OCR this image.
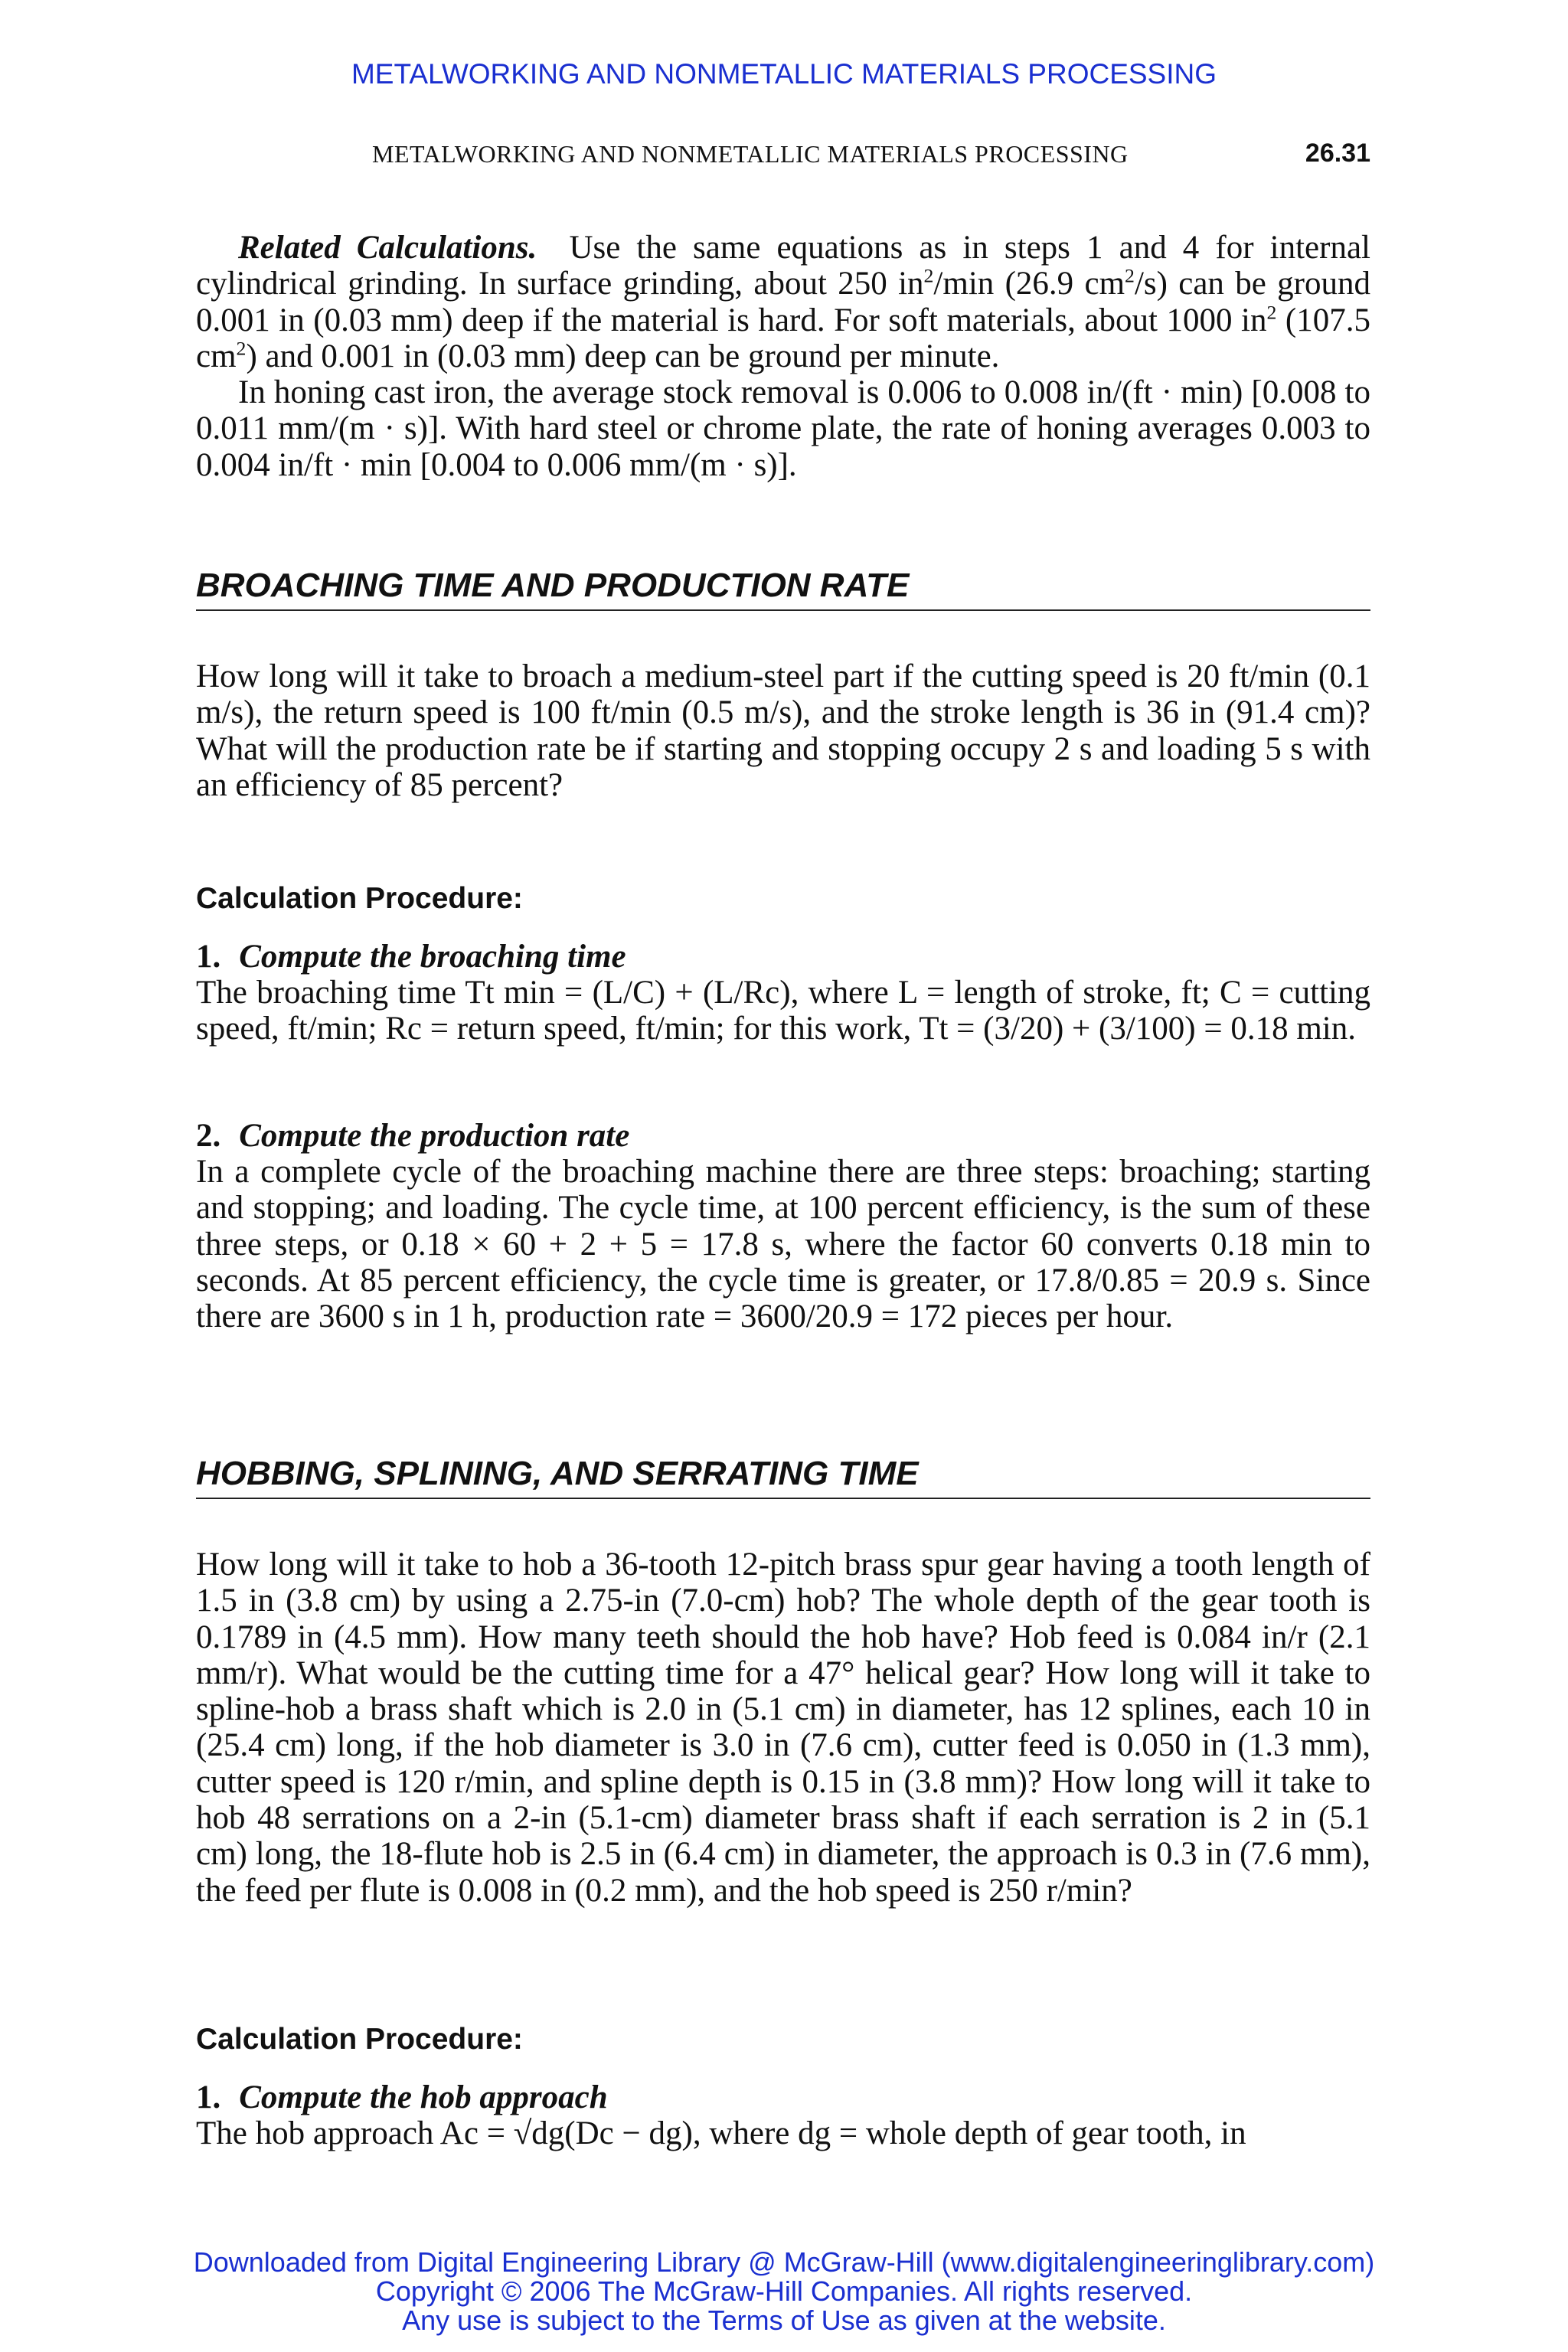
METALWORKING AND NONMETALLIC MATERIALS PROCESSING
METALWORKING AND NONMETALLIC MATERIALS PROCESSING	26.31

Related Calculations. Use the same equations as in steps 1 and 4 for internal cylindrical grinding. In surface grinding, about 250 $in^2/\min$ (26.9 $cm^2/s$) can be ground 0.001 in (0.03 mm) deep if the material is hard. For soft materials, about 1000 $in^2$ (107.5 $cm^2$) and 0.001 in (0.03 mm) deep can be ground per minute.

In honing cast iron, the average stock removal is 0.006 to 0.008 in/(ft · min) [0.008 to 0.011 mm/(m · s)]. With hard steel or chrome plate, the rate of honing averages 0.003 to 0.004 in/ft · min [0.004 to 0.006 mm/(m · s)].

BROACHING TIME AND PRODUCTION RATE

How long will it take to broach a medium-steel part if the cutting speed is 20 ft/min (0.1 m/s), the return speed is 100 ft/min (0.5 m/s), and the stroke length is 36 in (91.4 cm)? What will the production rate be if starting and stopping occupy 2 s and loading 5 s with an efficiency of 85 percent?

Calculation Procedure:

1. Compute the broaching time

The broaching time Tt min = (L/C) + (L/Rc), where L = length of stroke, ft; C = cutting speed, ft/min; Rc = return speed, ft/min; for this work, Tt = (3/20) + (3/100) = 0.18 min.

2. Compute the production rate

In a complete cycle of the broaching machine there are three steps: broaching; starting and stopping; and loading. The cycle time, at 100 percent efficiency, is the sum of these three steps, or 0.18 × 60 + 2 + 5 = 17.8 s, where the factor 60 converts 0.18 min to seconds. At 85 percent efficiency, the cycle time is greater, or 17.8/0.85 = 20.9 s. Since there are 3600 s in 1 h, production rate = 3600/20.9 = 172 pieces per hour.

HOBBING, SPLINING, AND SERRATING TIME

How long will it take to hob a 36-tooth 12-pitch brass spur gear having a tooth length of 1.5 in (3.8 cm) by using a 2.75-in (7.0-cm) hob? The whole depth of the gear tooth is 0.1789 in (4.5 mm). How many teeth should the hob have? Hob feed is 0.084 in/r (2.1 mm/r). What would be the cutting time for a 47° helical gear? How long will it take to spline-hob a brass shaft which is 2.0 in (5.1 cm) in diameter, has 12 splines, each 10 in (25.4 cm) long, if the hob diameter is 3.0 in (7.6 cm), cutter feed is 0.050 in (1.3 mm), cutter speed is 120 r/min, and spline depth is 0.15 in (3.8 mm)? How long will it take to hob 48 serrations on a 2-in (5.1-cm) diameter brass shaft if each serration is 2 in (5.1 cm) long, the 18-flute hob is 2.5 in (6.4 cm) in diameter, the approach is 0.3 in (7.6 mm), the feed per flute is 0.008 in (0.2 mm), and the hob speed is 250 r/min?

Calculation Procedure:

1. Compute the hob approach

The hob approach Ac = √dg(Dc − dg), where dg = whole depth of gear tooth, in

Downloaded from Digital Engineering Library @ McGraw-Hill (www.digitalengineeringlibrary.com)
Copyright © 2006 The McGraw-Hill Companies. All rights reserved.
Any use is subject to the Terms of Use as given at the website.
